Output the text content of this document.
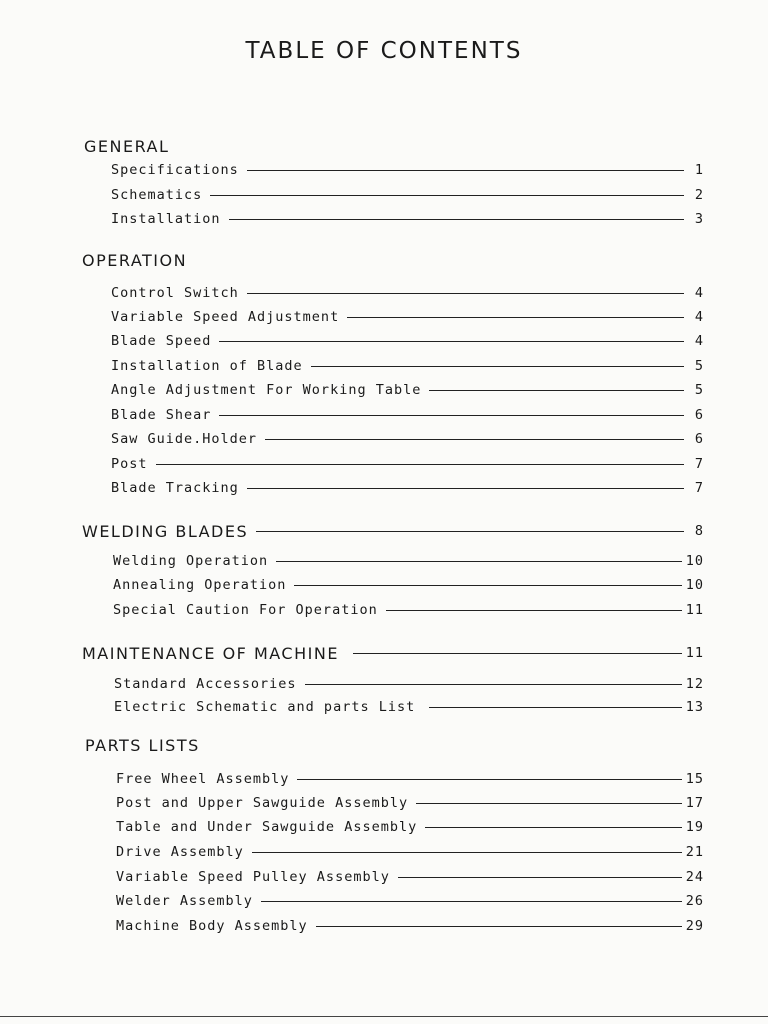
TABLE OF CONTENTS
GENERAL
Specifications	1
Schematics	2
Installation	3
OPERATION
Control Switch	4
Variable Speed Adjustment	4
Blade Speed	4
Installation of Blade	5
Angle Adjustment For Working Table	5
Blade Shear	6
Saw Guide.Holder	6
Post	7
Blade Tracking	7
WELDING BLADES	8
Welding Operation	10
Annealing Operation	10
Special Caution For Operation	11
MAINTENANCE OF MACHINE	11
Standard Accessories	12
Electric Schematic and parts List	13
PARTS LISTS
Free Wheel Assembly	15
Post and Upper Sawguide Assembly	17
Table and Under Sawguide Assembly	19
Drive Assembly	21
Variable Speed Pulley Assembly	24
Welder Assembly	26
Machine Body Assembly	29
